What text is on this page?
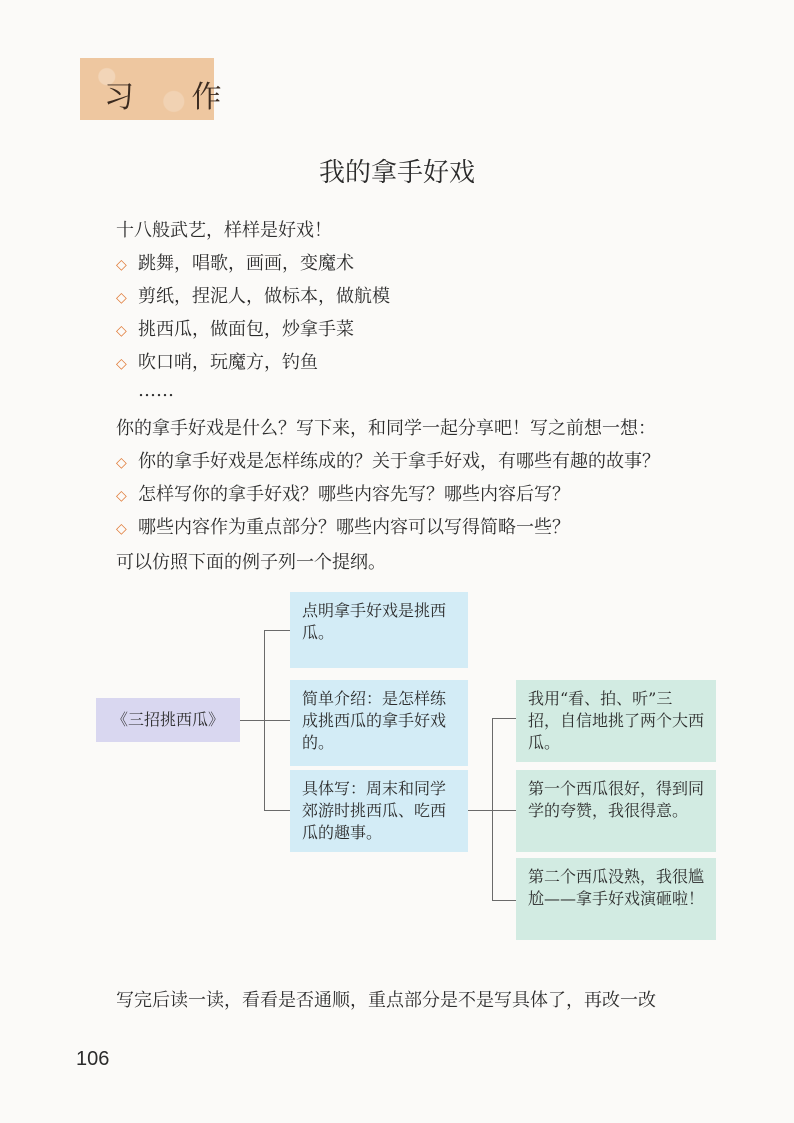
习 作
我的拿手好戏
十八般武艺，样样是好戏！
◇ 跳舞，唱歌，画画，变魔术
◇ 剪纸，捏泥人，做标本，做航模
◇ 挑西瓜，做面包，炒拿手菜
◇ 吹口哨，玩魔方，钓鱼
……
你的拿手好戏是什么？写下来，和同学一起分享吧！写之前想一想：
◇ 你的拿手好戏是怎样练成的？关于拿手好戏，有哪些有趣的故事？
◇ 怎样写你的拿手好戏？哪些内容先写？哪些内容后写？
◇ 哪些内容作为重点部分？哪些内容可以写得简略一些？
可以仿照下面的例子列一个提纲。
《三招挑西瓜》
点明拿手好戏是挑西瓜。
简单介绍：是怎样练成挑西瓜的拿手好戏的。
具体写：周末和同学郊游时挑西瓜、吃西瓜的趣事。
我用“看、拍、听”三招，自信地挑了两个大西瓜。
第一个西瓜很好，得到同学的夸赞，我很得意。
第二个西瓜没熟，我很尴尬——拿手好戏演砸啦！
写完后读一读，看看是否通顺，重点部分是不是写具体了，再改一改
106
